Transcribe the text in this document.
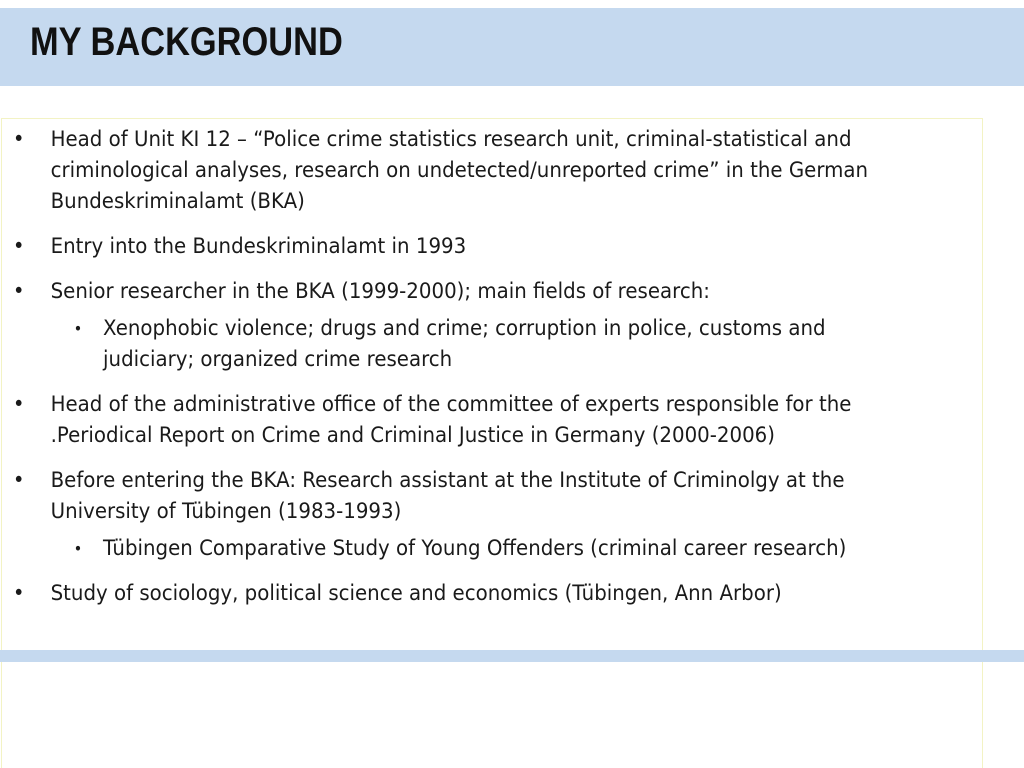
MY BACKGROUND
• Head of Unit KI 12 – “Police crime statistics research unit, criminal-statistical and criminological analyses, research on undetected/unreported crime” in the German Bundeskriminalamt (BKA)
• Entry into the Bundeskriminalamt in 1993
• Senior researcher in the BKA (1999-2000); main fields of research:
• Xenophobic violence; drugs and crime; corruption in police, customs and judiciary; organized crime research
• Head of the administrative office of the committee of experts responsible for the .Periodical Report on Crime and Criminal Justice in Germany (2000-2006)
• Before entering the BKA: Research assistant at the Institute of Criminolgy at the University of Tübingen (1983-1993)
• Tübingen Comparative Study of Young Offenders (criminal career research)
• Study of sociology, political science and economics (Tübingen, Ann Arbor)
